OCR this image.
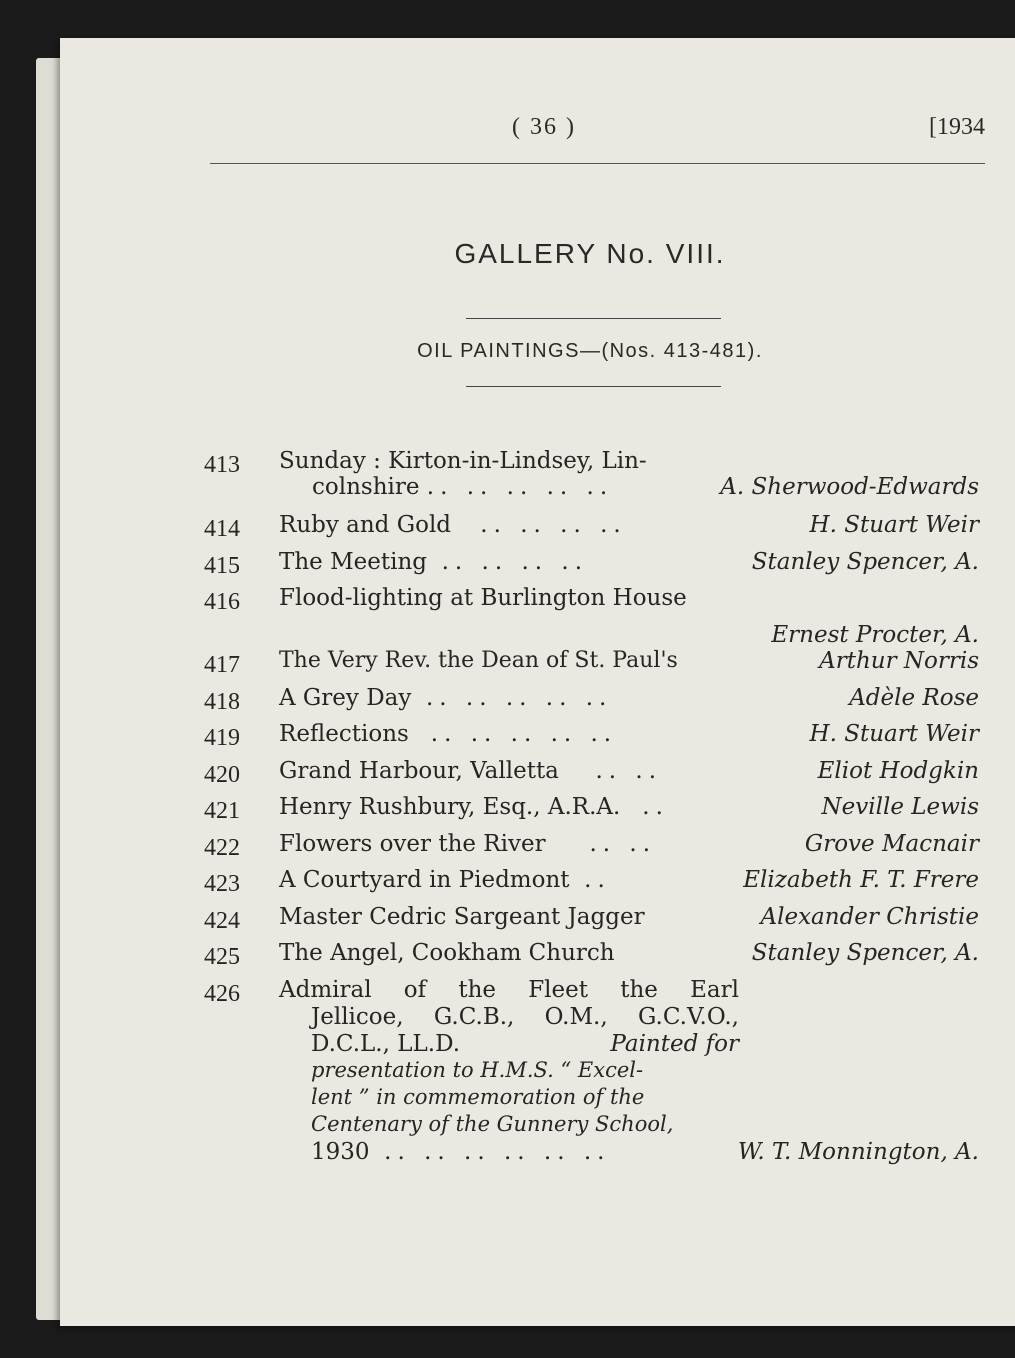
( 36 )	[1934
GALLERY No. VIII.
OIL PAINTINGS—(Nos. 413-481).
413	Sunday : Kirton-in-Lindsey, Lin-
colnshire .. .. .. .. ..	A. Sherwood-Edwards
414	Ruby and Gold .. .. .. ..	H. Stuart Weir
415	The Meeting .. .. .. ..	Stanley Spencer, A.
416	Flood-lighting at Burlington House
Ernest Procter, A.
417	The Very Rev. the Dean of St. Paul's	Arthur Norris
418	A Grey Day .. .. .. .. ..	Adèle Rose
419	Reflections .. .. .. .. ..	H. Stuart Weir
420	Grand Harbour, Valletta .. ..	Eliot Hodgkin
421	Henry Rushbury, Esq., A.R.A. ..	Neville Lewis
422	Flowers over the River .. ..	Grove Macnair
423	A Courtyard in Piedmont ..	Elizabeth F. T. Frere
424	Master Cedric Sargeant Jagger	Alexander Christie
425	The Angel, Cookham Church	Stanley Spencer, A.
426	Admiral of the Fleet the Earl
Jellicoe, G.C.B., O.M., G.C.V.O.,
D.C.L., LL.D.	Painted for
presentation to H.M.S. “ Excel-
lent ” in commemoration of the
Centenary of the Gunnery School,
1930 .. .. .. .. .. ..	W. T. Monnington, A.
